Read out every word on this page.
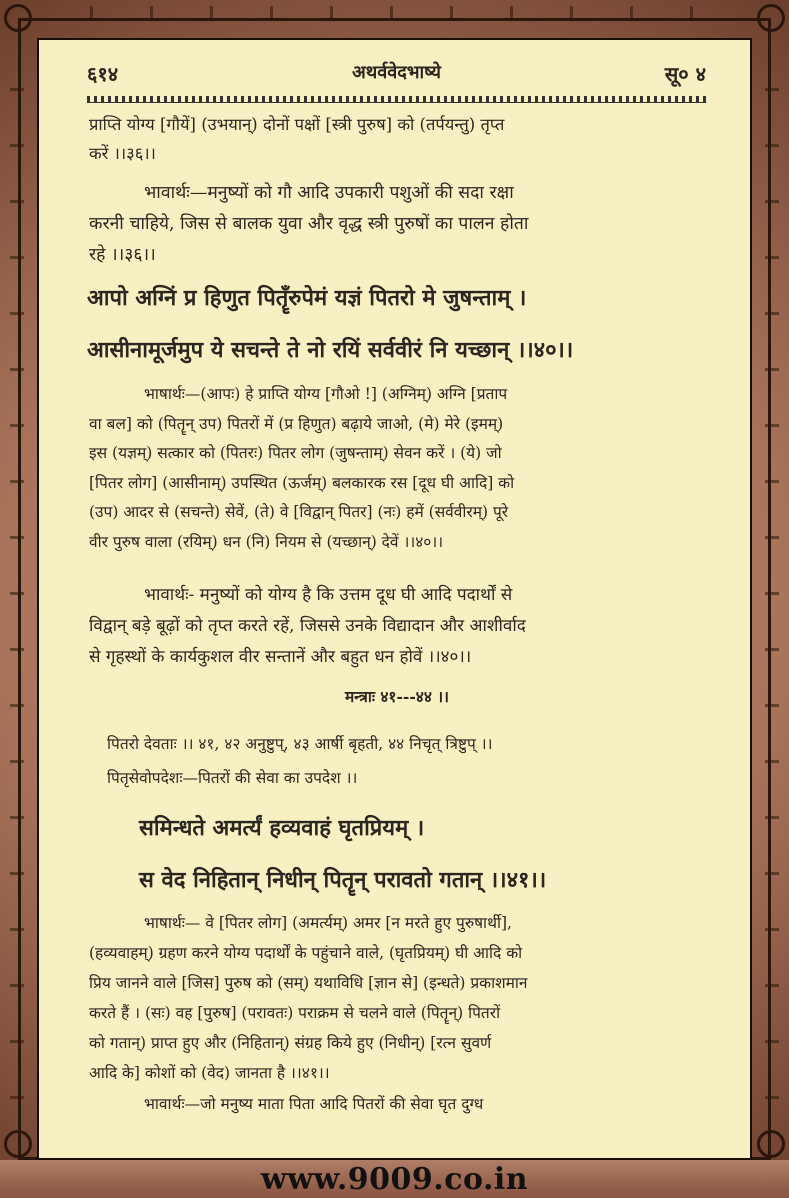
६१४	अथर्ववेदभाष्ये	सू० ४
प्राप्ति योग्य [गौयें] (उभयान्) दोनों पक्षों [स्त्री पुरुष] को (तर्पयन्तु) तृप्त
करें ।।३६।।
भावार्थः—मनुष्यों को गौ आदि उपकारी पशुओं की सदा रक्षा
करनी चाहिये, जिस से बालक युवा और वृद्ध स्त्री पुरुषों का पालन होता
रहे ।।३६।।
आपो अग्निं प्र हिणुत पितॄँरुपेमं यज्ञं पितरो मे जुषन्ताम् ।
आसीनामूर्जमुप ये सचन्ते ते नो रयिं सर्ववीरं नि यच्छान् ।।४०।।
भाषार्थः—(आपः) हे प्राप्ति योग्य [गौओ !] (अग्निम्) अग्नि [प्रताप
वा बल] को (पितॄन् उप) पितरों में (प्र हिणुत) बढ़ाये जाओ, (मे) मेरे (इमम्)
इस (यज्ञम्) सत्कार को (पितरः) पितर लोग (जुषन्ताम्) सेवन करें । (ये) जो
[पितर लोग] (आसीनाम्) उपस्थित (ऊर्जम्) बलकारक रस [दूध घी आदि] को
(उप) आदर से (सचन्ते) सेवें, (ते) वे [विद्वान् पितर] (नः) हमें (सर्ववीरम्) पूरे
वीर पुरुष वाला (रयिम्) धन (नि) नियम से (यच्छान्) देवें ।।४०।।
भावार्थः- मनुष्यों को योग्य है कि उत्तम दूध घी आदि पदार्थों से
विद्वान् बड़े बूढ़ों को तृप्त करते रहें, जिससे उनके विद्यादान और आशीर्वाद
से गृहस्थों के कार्यकुशल वीर सन्तानें और बहुत धन होवें ।।४०।।
मन्त्राः ४१---४४ ।।
पितरो देवताः ।। ४१, ४२ अनुष्टुप्, ४३ आर्षी बृहती, ४४ निचृत् त्रिष्टुप् ।।
पितृसेवोपदेशः—पितरों की सेवा का उपदेश ।।
समिन्धते अमर्त्यं हव्यवाहं घृतप्रियम् ।
स वेद निहितान् निधीन् पितॄन् परावतो गतान् ।।४१।।
भाषार्थः— वे [पितर लोग] (अमर्त्यम्) अमर [न मरते हुए पुरुषार्थी],
(हव्यवाहम्) ग्रहण करने योग्य पदार्थों के पहुंचाने वाले, (घृतप्रियम्) घी आदि को
प्रिय जानने वाले [जिस] पुरुष को (सम्) यथाविधि [ज्ञान से] (इन्धते) प्रकाशमान
करते हैं । (सः) वह [पुरुष] (परावतः) पराक्रम से चलने वाले (पितॄन्) पितरों
को गतान्) प्राप्त हुए और (निहितान्) संग्रह किये हुए (निधीन्) [रत्न सुवर्ण
आदि के] कोशों को (वेद) जानता है ।।४१।।
भावार्थः—जो मनुष्य माता पिता आदि पितरों की सेवा घृत दुग्ध
www.9009.co.in
